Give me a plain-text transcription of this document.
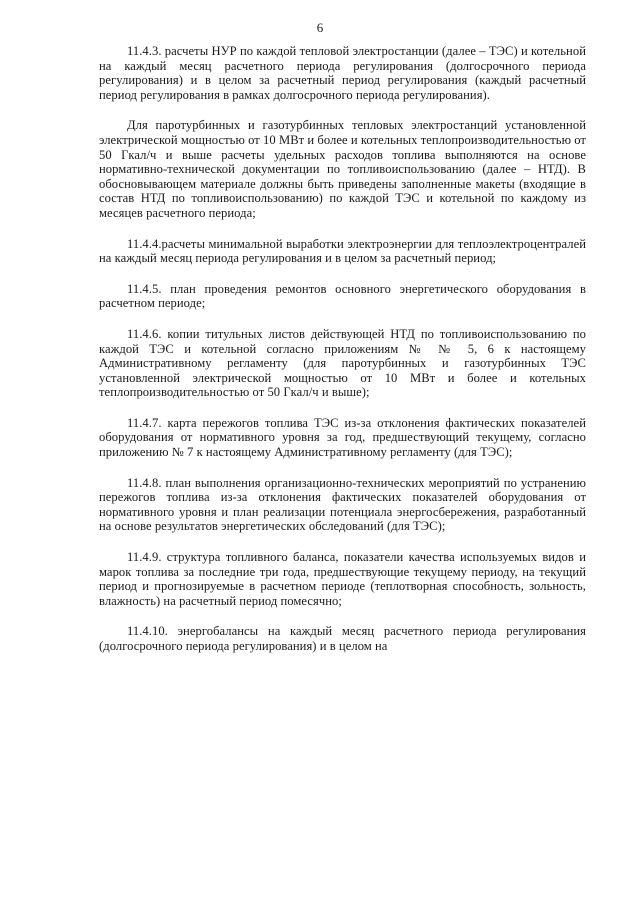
6

11.4.3. расчеты НУР по каждой тепловой электростанции (далее – ТЭС) и котельной на каждый месяц расчетного периода регулирования (долгосрочного периода регулирования) и в целом за расчетный период регулирования (каждый расчетный период регулирования в рамках долгосрочного периода регулирования).

Для паротурбинных и газотурбинных тепловых электростанций установленной электрической мощностью от 10 МВт и более и котельных теплопроизводительностью от 50 Гкал/ч и выше расчеты удельных расходов топлива выполняются на основе нормативно-технической документации по топливоиспользованию (далее – НТД). В обосновывающем материале должны быть приведены заполненные макеты (входящие в состав НТД по топливоиспользованию) по каждой ТЭС и котельной по каждому из месяцев расчетного периода;

11.4.4.расчеты минимальной выработки электроэнергии для теплоэлектроцентралей на каждый месяц периода регулирования и в целом за расчетный период;

11.4.5. план проведения ремонтов основного энергетического оборудования в расчетном периоде;

11.4.6. копии титульных листов действующей НТД по топливоиспользованию по каждой ТЭС и котельной согласно приложениям № № 5, 6 к настоящему Административному регламенту (для паротурбинных и газотурбинных ТЭС установленной электрической мощностью от 10 МВт и более и котельных теплопроизводительностью от 50 Гкал/ч и выше);

11.4.7. карта пережогов топлива ТЭС из-за отклонения фактических показателей оборудования от нормативного уровня за год, предшествующий текущему, согласно приложению № 7 к настоящему Административному регламенту (для ТЭС);

11.4.8. план выполнения организационно-технических мероприятий по устранению пережогов топлива из-за отклонения фактических показателей оборудования от нормативного уровня и план реализации потенциала энергосбережения, разработанный на основе результатов энергетических обследований (для ТЭС);

11.4.9. структура топливного баланса, показатели качества используемых видов и марок топлива за последние три года, предшествующие текущему периоду, на текущий период и прогнозируемые в расчетном периоде (теплотворная способность, зольность, влажность) на расчетный период помесячно;

11.4.10. энергобалансы на каждый месяц расчетного периода регулирования (долгосрочного периода регулирования) и в целом на
